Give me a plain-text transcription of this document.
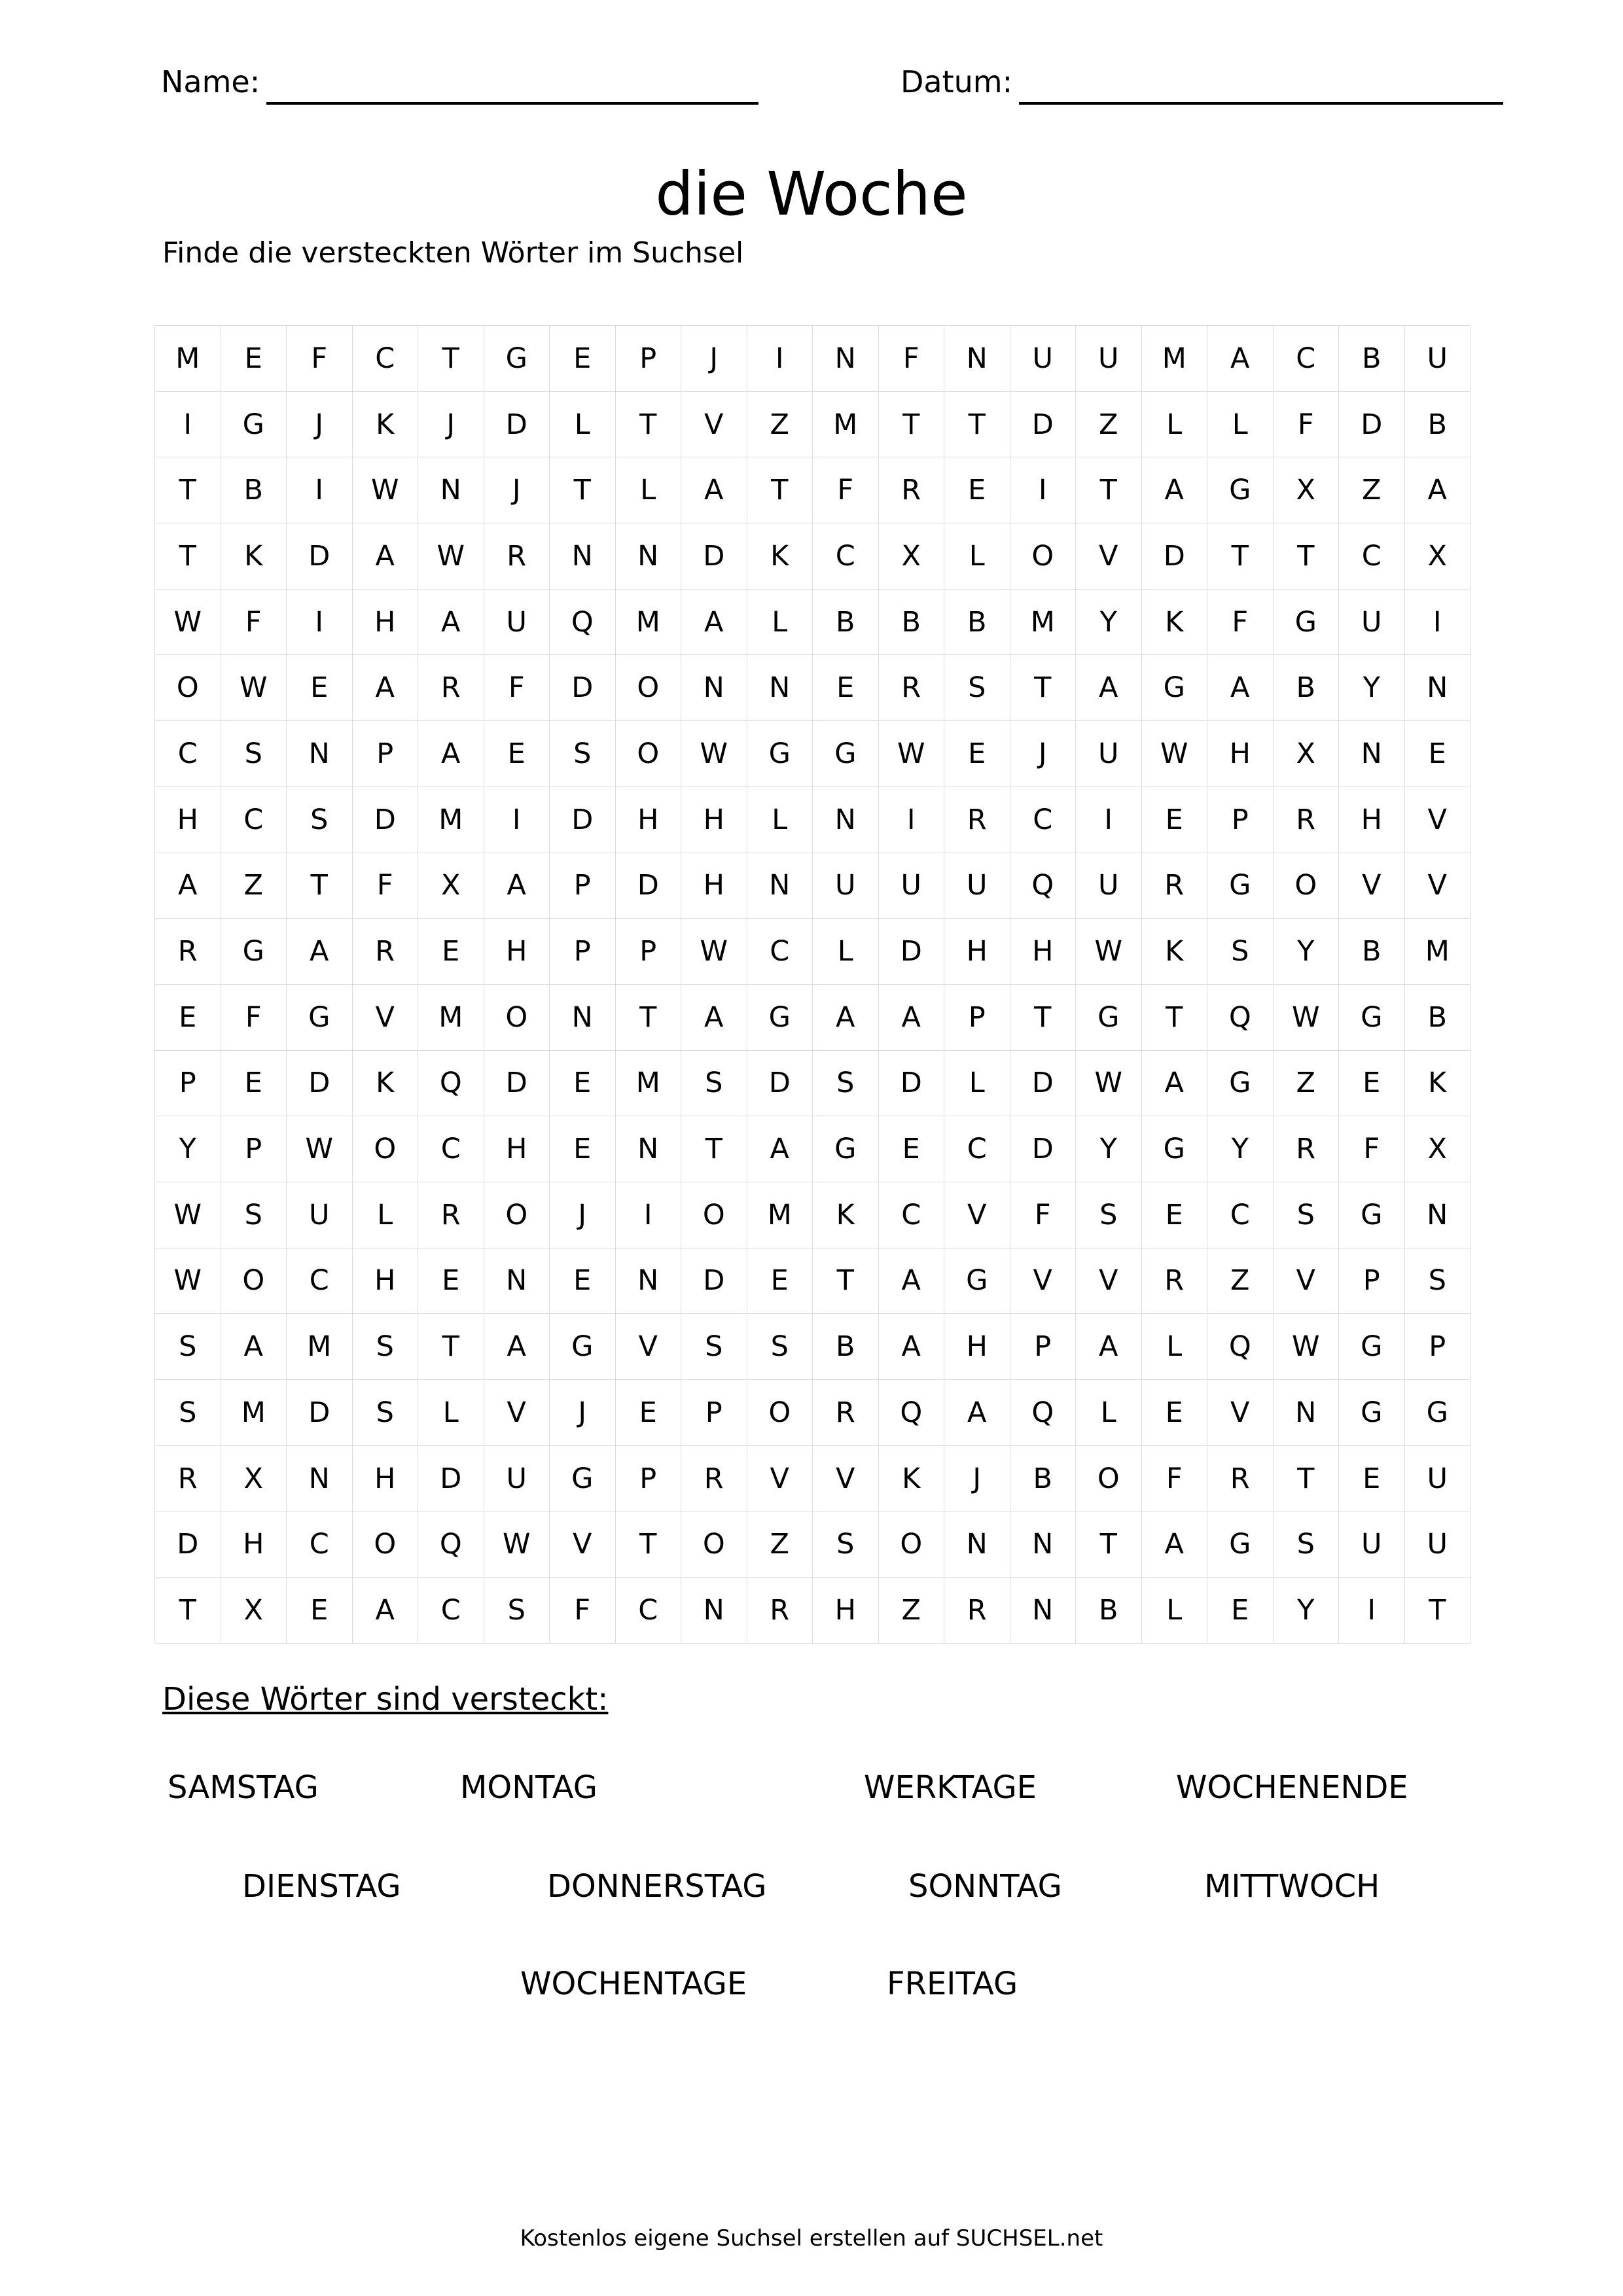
Name:	Datum:
die Woche
Finde die versteckten Wörter im Suchsel
M	E	F	C	T	G	E	P	J	I	N	F	N	U	U	M	A	C	B	U
I	G	J	K	J	D	L	T	V	Z	M	T	T	D	Z	L	L	F	D	B
T	B	I	W	N	J	T	L	A	T	F	R	E	I	T	A	G	X	Z	A
T	K	D	A	W	R	N	N	D	K	C	X	L	O	V	D	T	T	C	X
W	F	I	H	A	U	Q	M	A	L	B	B	B	M	Y	K	F	G	U	I
O	W	E	A	R	F	D	O	N	N	E	R	S	T	A	G	A	B	Y	N
C	S	N	P	A	E	S	O	W	G	G	W	E	J	U	W	H	X	N	E
H	C	S	D	M	I	D	H	H	L	N	I	R	C	I	E	P	R	H	V
A	Z	T	F	X	A	P	D	H	N	U	U	U	Q	U	R	G	O	V	V
R	G	A	R	E	H	P	P	W	C	L	D	H	H	W	K	S	Y	B	M
E	F	G	V	M	O	N	T	A	G	A	A	P	T	G	T	Q	W	G	B
P	E	D	K	Q	D	E	M	S	D	S	D	L	D	W	A	G	Z	E	K
Y	P	W	O	C	H	E	N	T	A	G	E	C	D	Y	G	Y	R	F	X
W	S	U	L	R	O	J	I	O	M	K	C	V	F	S	E	C	S	G	N
W	O	C	H	E	N	E	N	D	E	T	A	G	V	V	R	Z	V	P	S
S	A	M	S	T	A	G	V	S	S	B	A	H	P	A	L	Q	W	G	P
S	M	D	S	L	V	J	E	P	O	R	Q	A	Q	L	E	V	N	G	G
R	X	N	H	D	U	G	P	R	V	V	K	J	B	O	F	R	T	E	U
D	H	C	O	Q	W	V	T	O	Z	S	O	N	N	T	A	G	S	U	U
T	X	E	A	C	S	F	C	N	R	H	Z	R	N	B	L	E	Y	I	T
Diese Wörter sind versteckt:
SAMSTAG	MONTAG	WERKTAGE	WOCHENENDE
DIENSTAG	DONNERSTAG	SONNTAG	MITTWOCH
WOCHENTAGE	FREITAG
Kostenlos eigene Suchsel erstellen auf SUCHSEL.net
